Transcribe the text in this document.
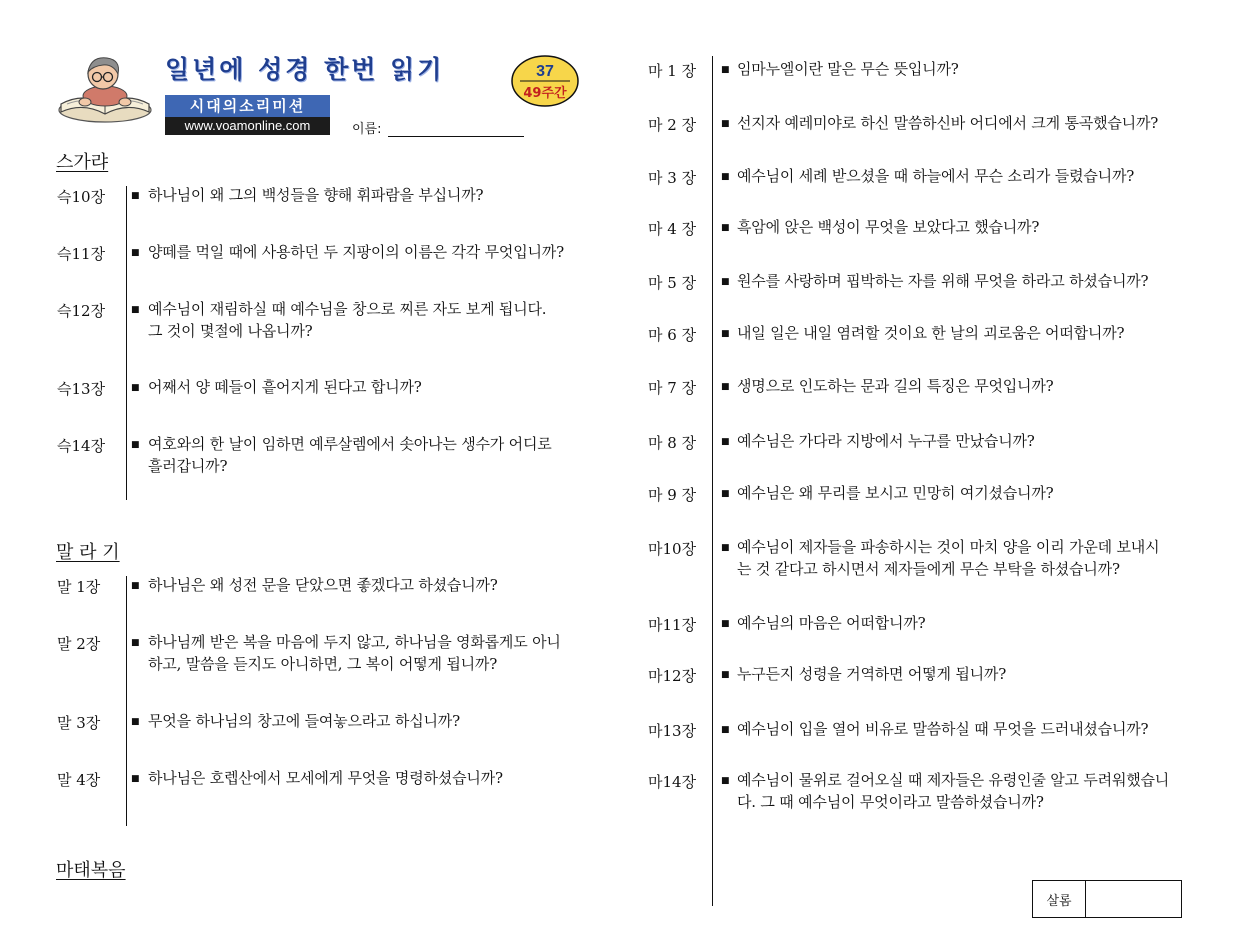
일년에 성경 한번 읽기
시대의소리미션
www.voamonline.com	이름:
37
49주간
스가랴
슥10장	■ 하나님이 왜 그의 백성들을 향해 휘파람을 부십니까?
슥11장	■ 양떼를 먹일 때에 사용하던 두 지팡이의 이름은 각각 무엇입니까?
슥12장	■ 예수님이 재림하실 때 예수님을 창으로 찌른 자도 보게 됩니다.
그 것이 몇절에 나옵니까?
슥13장	■ 어째서 양 떼들이 흩어지게 된다고 합니까?
슥14장	■ 여호와의 한 날이 임하면 예루살렘에서 솟아나는 생수가 어디로
흘러갑니까?
말 라 기
말 1장	■ 하나님은 왜 성전 문을 닫았으면 좋겠다고 하셨습니까?
말 2장	■ 하나님께 받은 복을 마음에 두지 않고, 하나님을 영화롭게도 아니
하고, 말씀을 듣지도 아니하면, 그 복이 어떻게 됩니까?
말 3장	■ 무엇을 하나님의 창고에 들여놓으라고 하십니까?
말 4장	■ 하나님은 호렙산에서 모세에게 무엇을 명령하셨습니까?
마태복음
마 1 장	■ 임마누엘이란 말은 무슨 뜻입니까?
마 2 장	■ 선지자 예레미야로 하신 말씀하신바 어디에서 크게 통곡했습니까?
마 3 장	■ 예수님이 세례 받으셨을 때 하늘에서 무슨 소리가 들렸습니까?
마 4 장	■ 흑암에 앉은 백성이 무엇을 보았다고 했습니까?
마 5 장	■ 원수를 사랑하며 핍박하는 자를 위해 무엇을 하라고 하셨습니까?
마 6 장	■ 내일 일은 내일 염려할 것이요 한 날의 괴로움은 어떠합니까?
마 7 장	■ 생명으로 인도하는 문과 길의 특징은 무엇입니까?
마 8 장	■ 예수님은 가다라 지방에서 누구를 만났습니까?
마 9 장	■ 예수님은 왜 무리를 보시고 민망히 여기셨습니까?
마10장	■ 예수님이 제자들을 파송하시는 것이 마치 양을 이리 가운데 보내시
는 것 같다고 하시면서 제자들에게 무슨 부탁을 하셨습니까?
마11장	■ 예수님의 마음은 어떠합니까?
마12장	■ 누구든지 성령을 거역하면 어떻게 됩니까?
마13장	■ 예수님이 입을 열어 비유로 말씀하실 때 무엇을 드러내셨습니까?
마14장	■ 예수님이 물위로 걸어오실 때 제자들은 유령인줄 알고 두려워했습니
다. 그 때 예수님이 무엇이라고 말씀하셨습니까?
살롬
